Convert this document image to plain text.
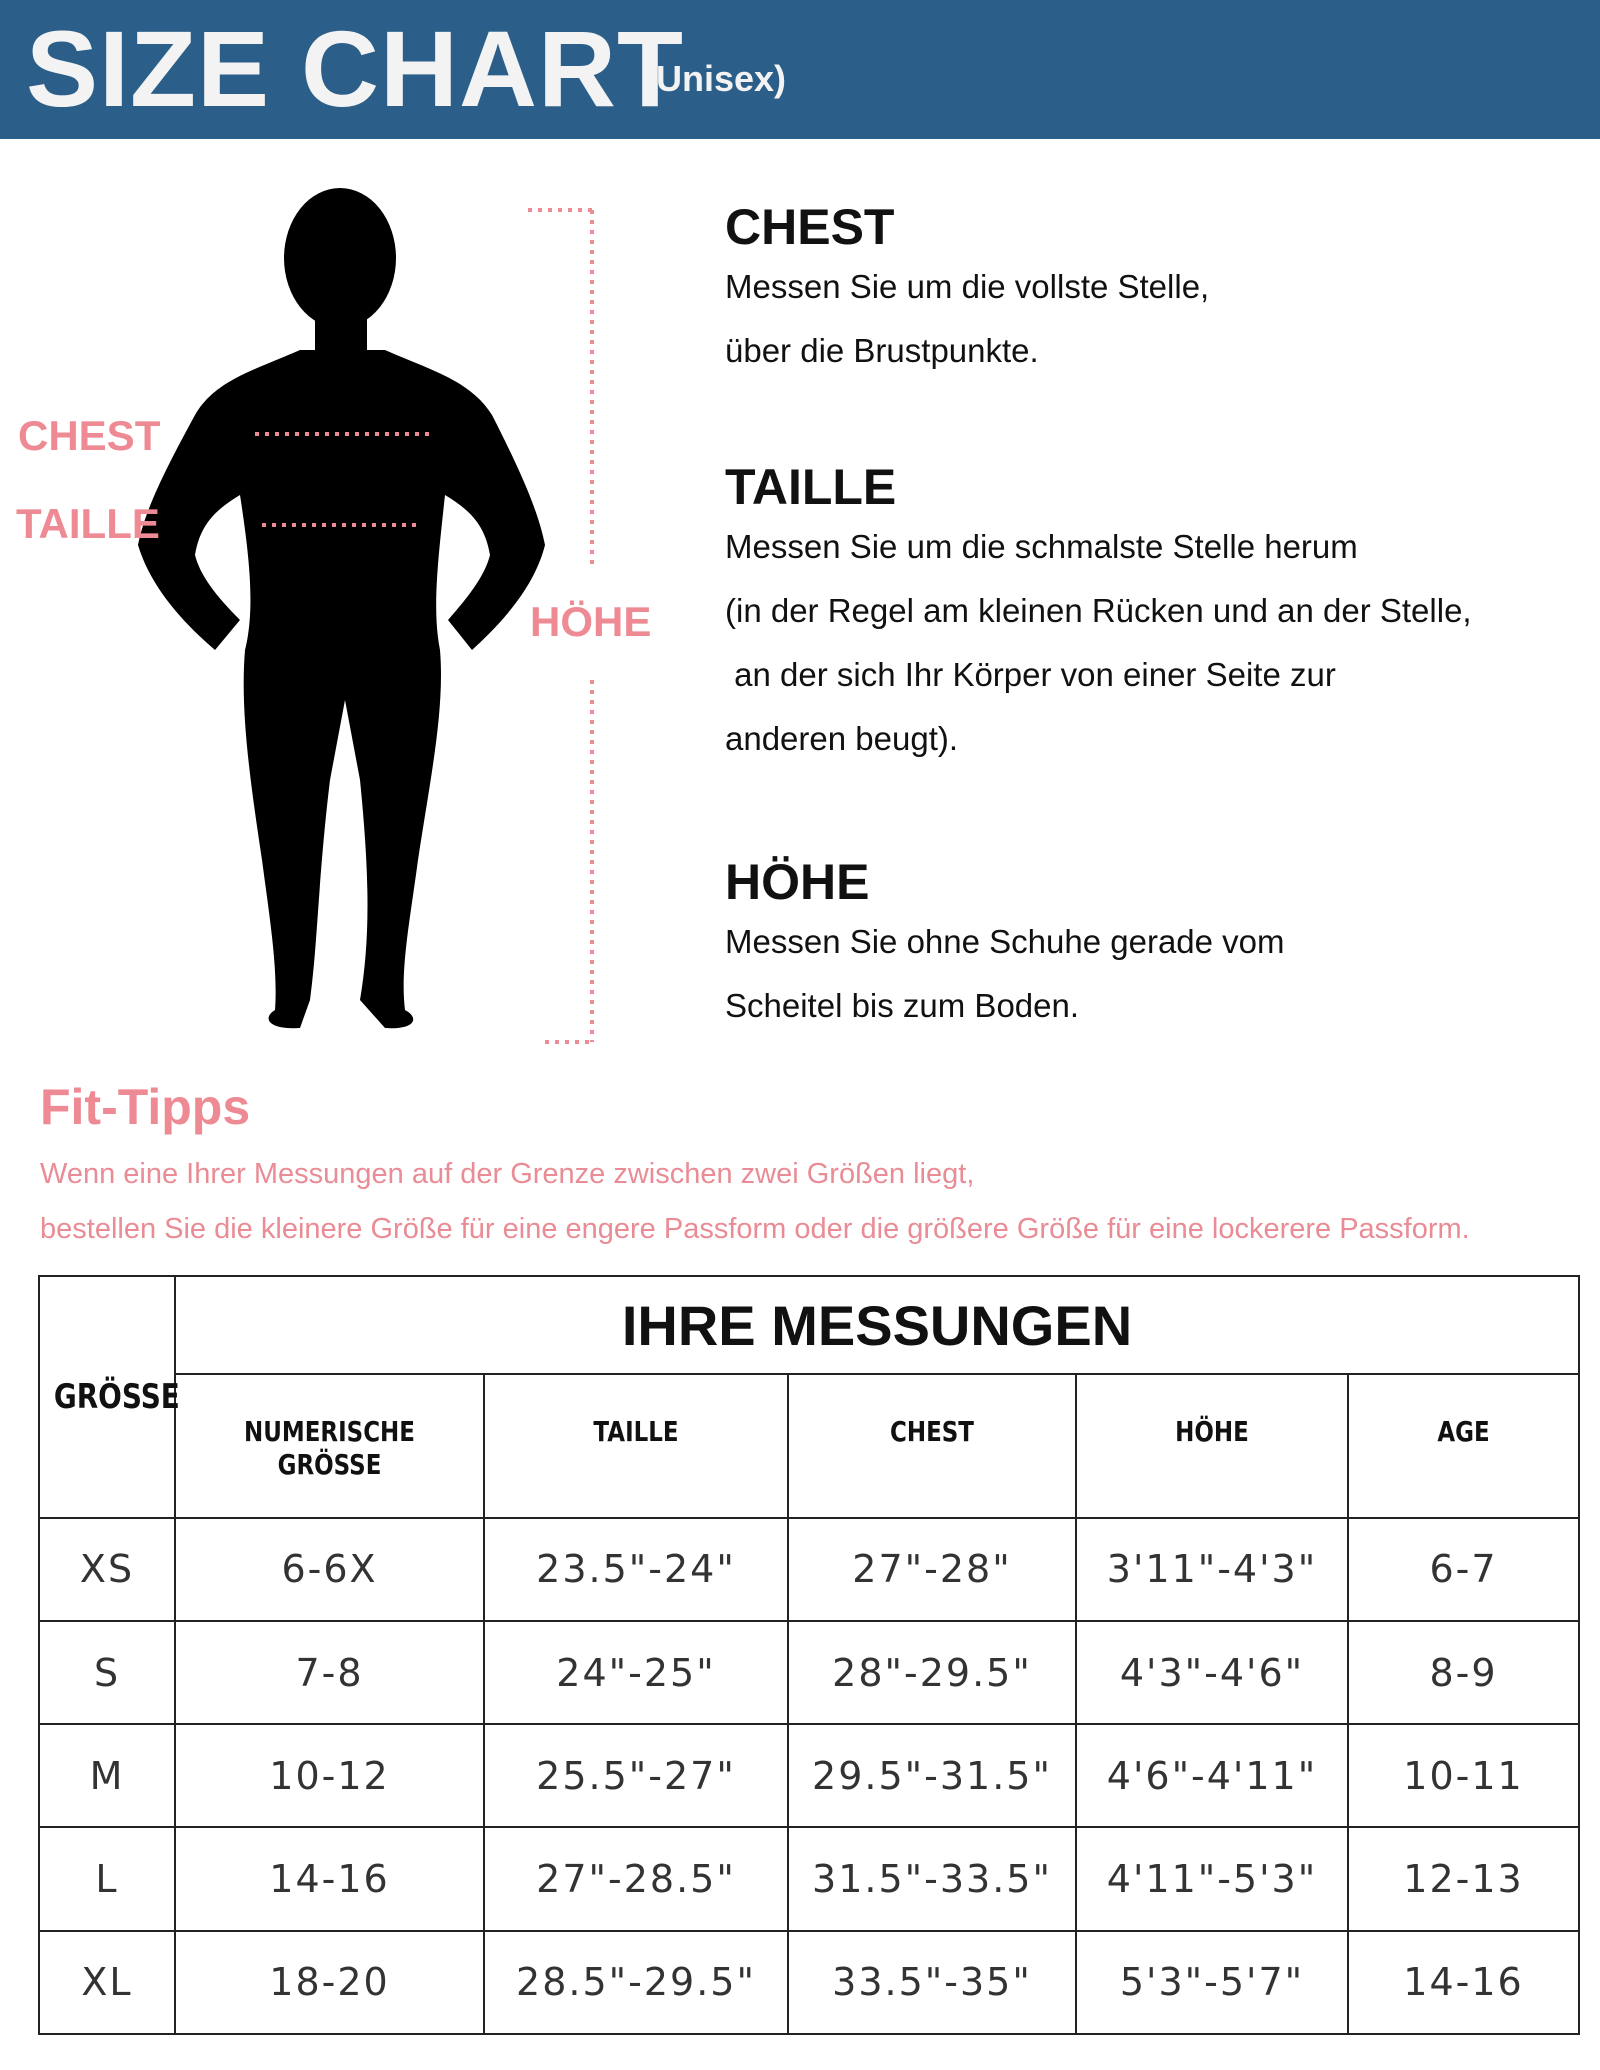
SIZE CHART
(Unisex)
CHEST
TAILLE
HÖHE
CHEST

Messen Sie um die vollste Stelle,

über die Brustpunkte.

TAILLE

Messen Sie um die schmalste Stelle herum

(in der Regel am kleinen Rücken und an der Stelle,

an der sich Ihr Körper von einer Seite zur

anderen beugt).

HÖHE

Messen Sie ohne Schuhe gerade vom

Scheitel bis zum Boden.

Fit-Tipps
Wenn eine Ihrer Messungen auf der Grenze zwischen zwei Größen liegt,
bestellen Sie die kleinere Größe für eine engere Passform oder die größere Größe für eine lockerere Passform.
GRÖSSE	IHRE MESSUNGEN				

	NUMERISCHE GRÖSSE	TAILLE	CHEST	HÖHE	AGE

XS	6-6X	23.5"-24"	27"-28"	3'11"-4'3"	6-7
S	7-8	24"-25"	28"-29.5"	4'3"-4'6"	8-9
M	10-12	25.5"-27"	29.5"-31.5"	4'6"-4'11"	10-11
L	14-16	27"-28.5"	31.5"-33.5"	4'11"-5'3"	12-13
XL	18-20	28.5"-29.5"	33.5"-35"	5'3"-5'7"	14-16
